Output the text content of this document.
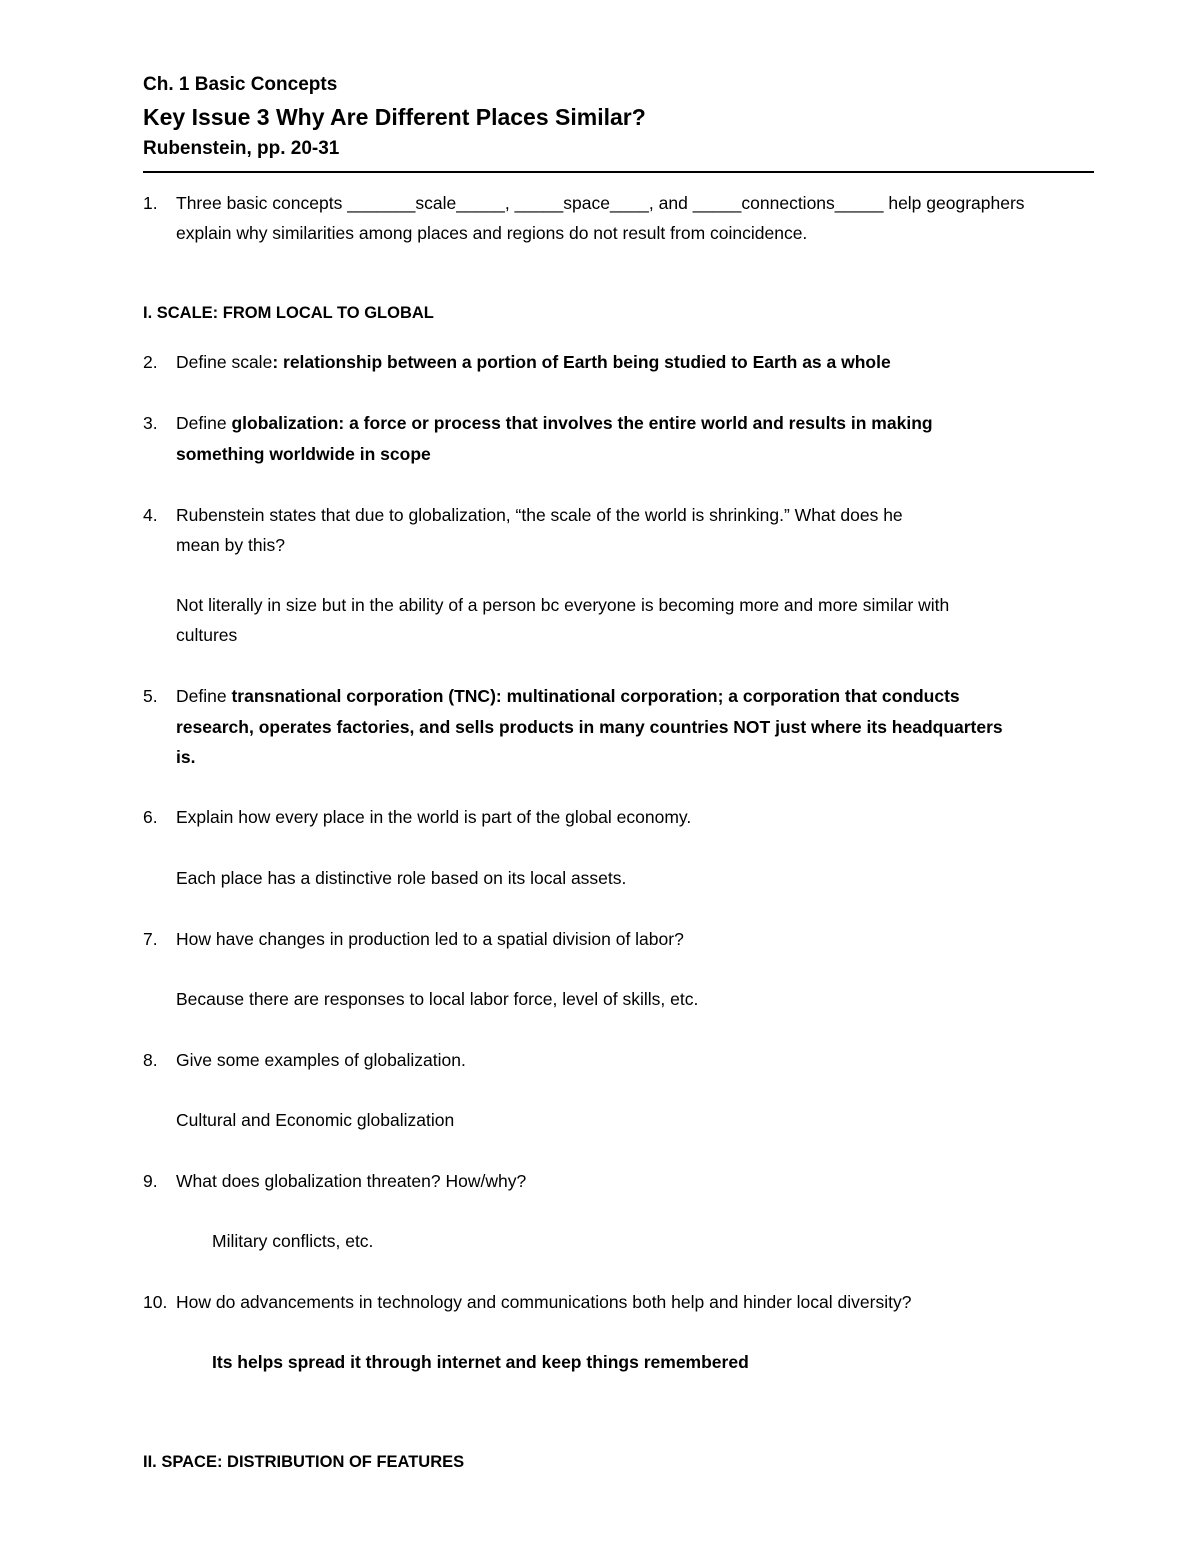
Ch. 1 Basic Concepts
Key Issue 3 Why Are Different Places Similar?
Rubenstein, pp. 20-31
1. Three basic concepts _______scale_____, _____space____, and _____connections_____ help geographers
explain why similarities among places and regions do not result from coincidence.
I. SCALE: FROM LOCAL TO GLOBAL
2. Define scale: relationship between a portion of Earth being studied to Earth as a whole
3. Define globalization: a force or process that involves the entire world and results in making
something worldwide in scope
4. Rubenstein states that due to globalization, “the scale of the world is shrinking.” What does he
mean by this?
Not literally in size but in the ability of a person bc everyone is becoming more and more similar with
cultures
5. Define transnational corporation (TNC): multinational corporation; a corporation that conducts
research, operates factories, and sells products in many countries NOT just where its headquarters
is.
6. Explain how every place in the world is part of the global economy.
Each place has a distinctive role based on its local assets.
7. How have changes in production led to a spatial division of labor?
Because there are responses to local labor force, level of skills, etc.
8. Give some examples of globalization.
Cultural and Economic globalization
9. What does globalization threaten? How/why?
Military conflicts, etc.
10. How do advancements in technology and communications both help and hinder local diversity?
Its helps spread it through internet and keep things remembered
II. SPACE: DISTRIBUTION OF FEATURES
